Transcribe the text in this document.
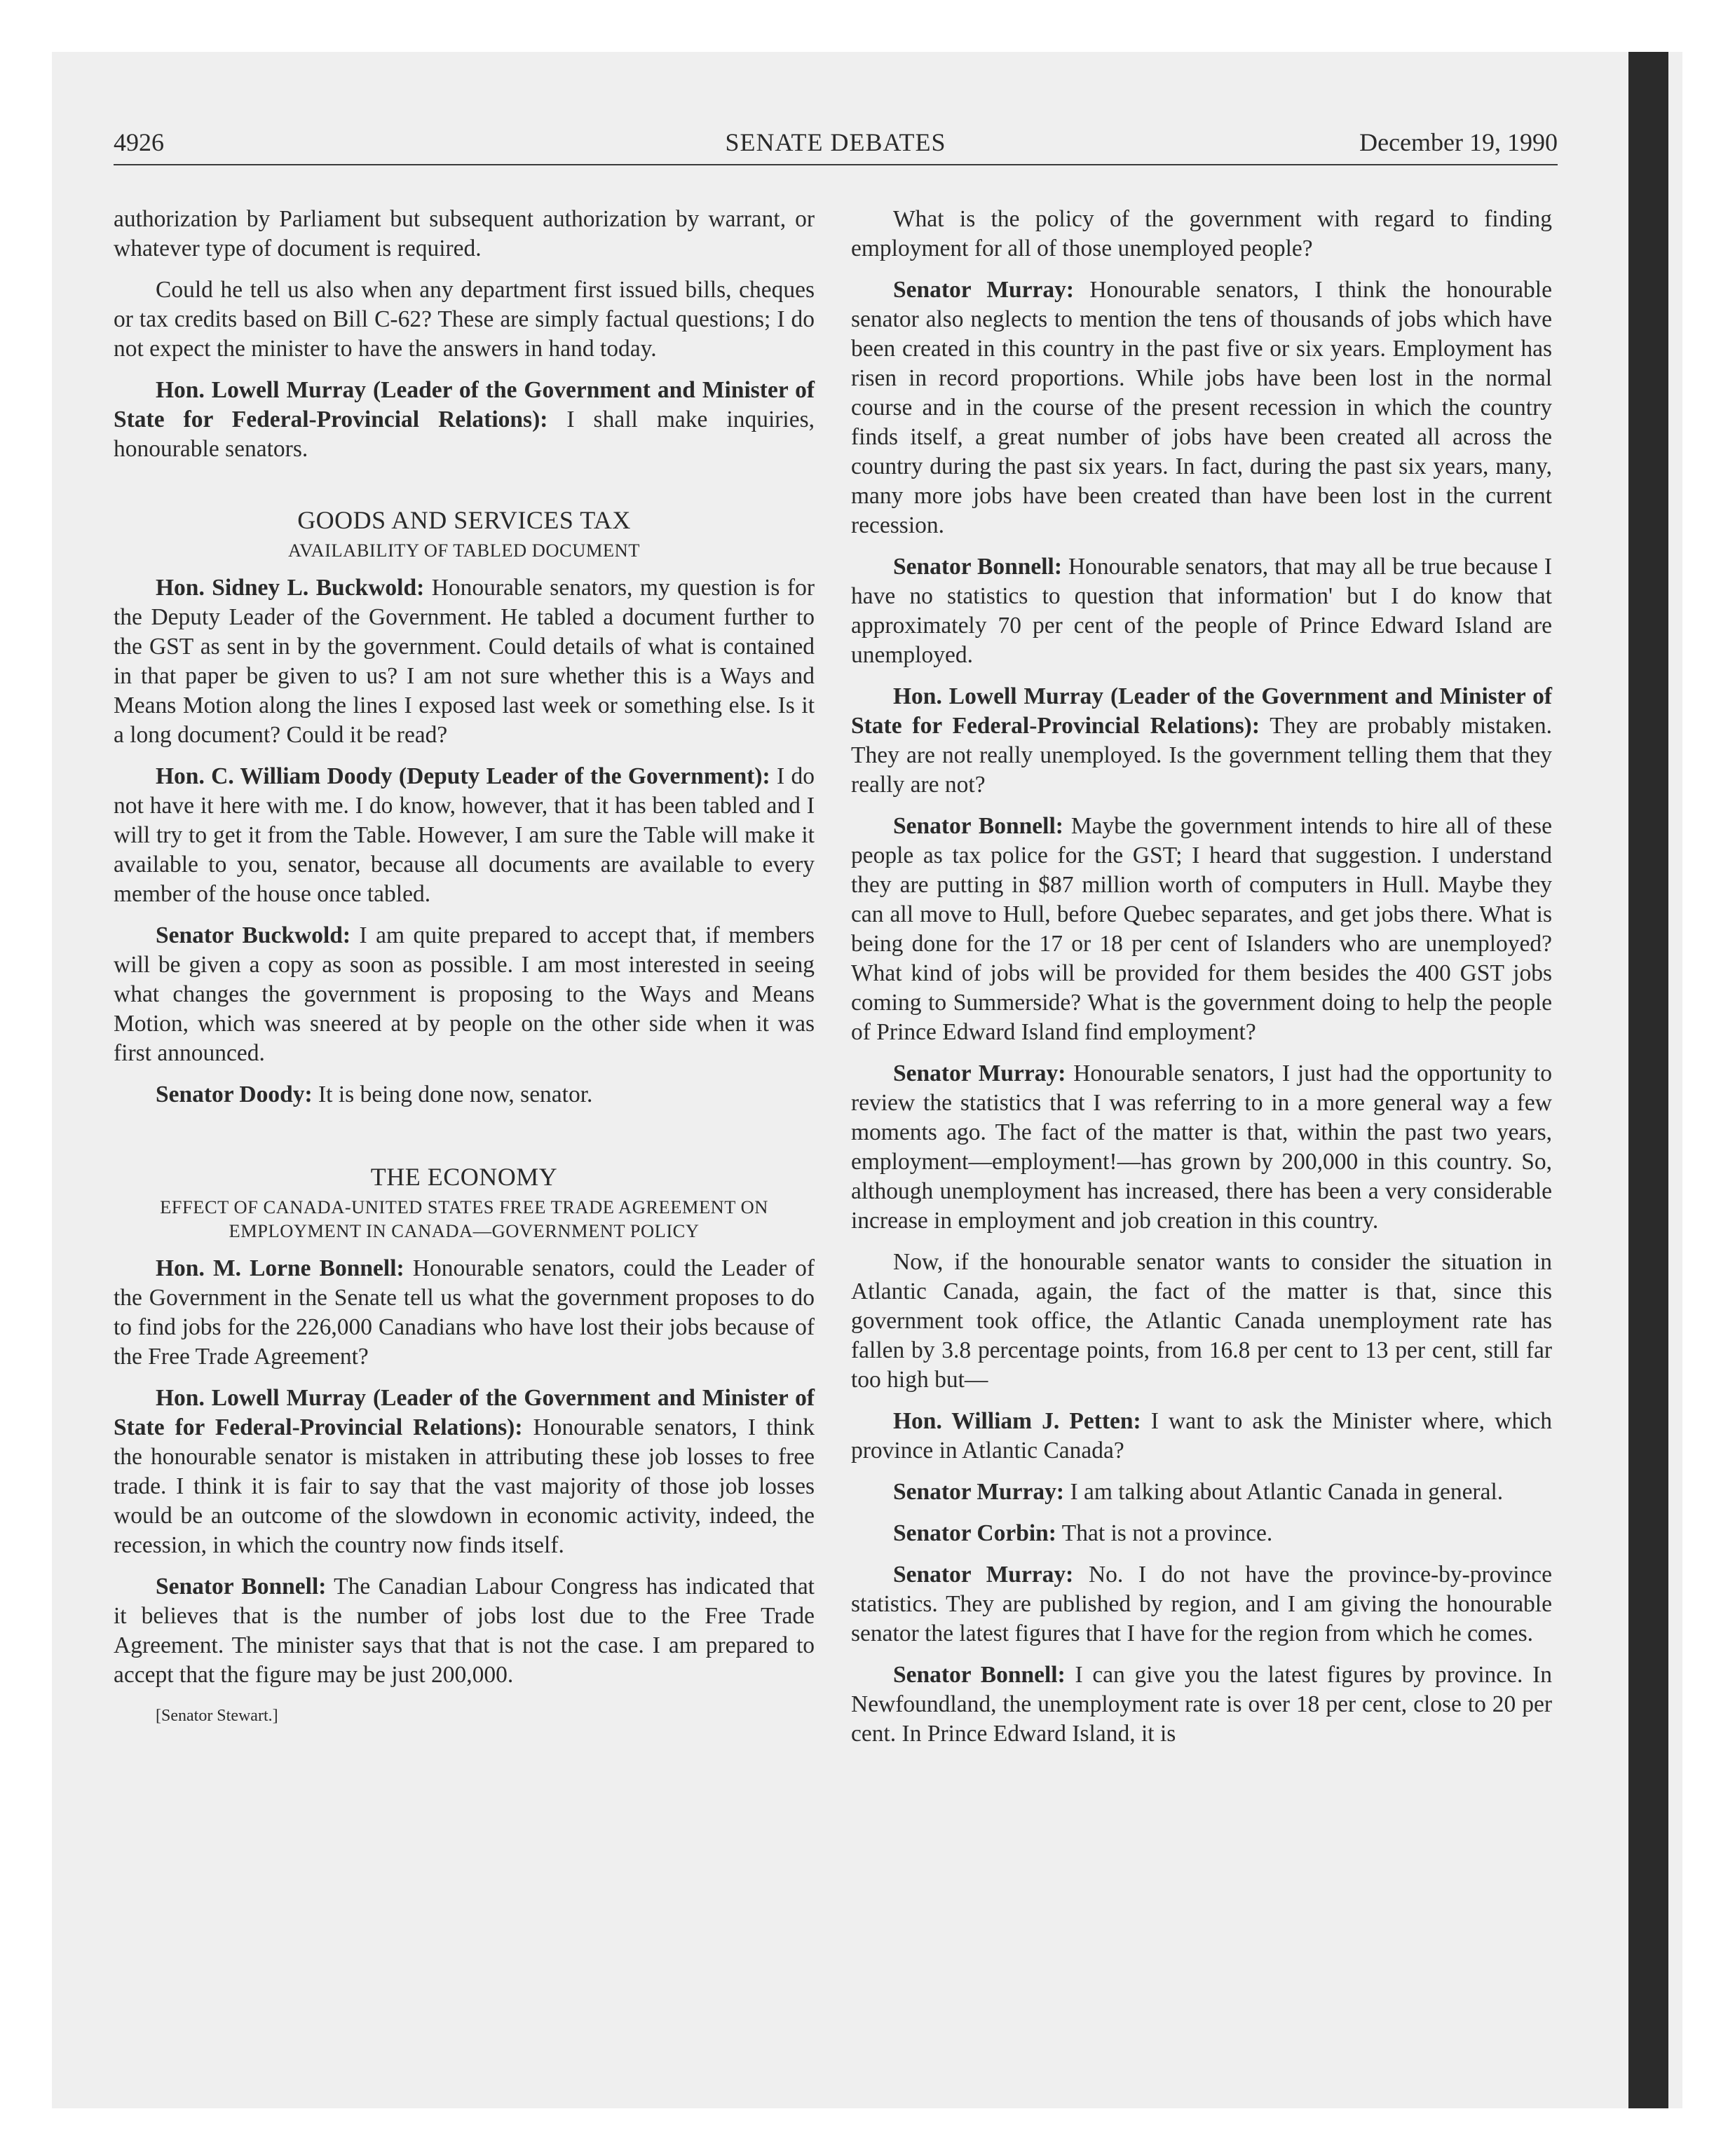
4926	SENATE DEBATES	December 19, 1990

authorization by Parliament but subsequent authorization by warrant, or whatever type of document is required.

Could he tell us also when any department first issued bills, cheques or tax credits based on Bill C-62? These are simply factual questions; I do not expect the minister to have the answers in hand today.

Hon. Lowell Murray (Leader of the Government and Minister of State for Federal-Provincial Relations): I shall make inquiries, honourable senators.

GOODS AND SERVICES TAX
AVAILABILITY OF TABLED DOCUMENT

Hon. Sidney L. Buckwold: Honourable senators, my question is for the Deputy Leader of the Government. He tabled a document further to the GST as sent in by the government. Could details of what is contained in that paper be given to us? I am not sure whether this is a Ways and Means Motion along the lines I exposed last week or something else. Is it a long document? Could it be read?

Hon. C. William Doody (Deputy Leader of the Government): I do not have it here with me. I do know, however, that it has been tabled and I will try to get it from the Table. However, I am sure the Table will make it available to you, senator, because all documents are available to every member of the house once tabled.

Senator Buckwold: I am quite prepared to accept that, if members will be given a copy as soon as possible. I am most interested in seeing what changes the government is proposing to the Ways and Means Motion, which was sneered at by people on the other side when it was first announced.

Senator Doody: It is being done now, senator.

THE ECONOMY
EFFECT OF CANADA-UNITED STATES FREE TRADE AGREEMENT ON EMPLOYMENT IN CANADA—GOVERNMENT POLICY

Hon. M. Lorne Bonnell: Honourable senators, could the Leader of the Government in the Senate tell us what the government proposes to do to find jobs for the 226,000 Canadians who have lost their jobs because of the Free Trade Agreement?

Hon. Lowell Murray (Leader of the Government and Minister of State for Federal-Provincial Relations): Honourable senators, I think the honourable senator is mistaken in attributing these job losses to free trade. I think it is fair to say that the vast majority of those job losses would be an outcome of the slowdown in economic activity, indeed, the recession, in which the country now finds itself.

Senator Bonnell: The Canadian Labour Congress has indicated that it believes that is the number of jobs lost due to the Free Trade Agreement. The minister says that that is not the case. I am prepared to accept that the figure may be just 200,000.

[Senator Stewart.]

What is the policy of the government with regard to finding employment for all of those unemployed people?

Senator Murray: Honourable senators, I think the honourable senator also neglects to mention the tens of thousands of jobs which have been created in this country in the past five or six years. Employment has risen in record proportions. While jobs have been lost in the normal course and in the course of the present recession in which the country finds itself, a great number of jobs have been created all across the country during the past six years. In fact, during the past six years, many, many more jobs have been created than have been lost in the current recession.

Senator Bonnell: Honourable senators, that may all be true because I have no statistics to question that information' but I do know that approximately 70 per cent of the people of Prince Edward Island are unemployed.

Hon. Lowell Murray (Leader of the Government and Minister of State for Federal-Provincial Relations): They are probably mistaken. They are not really unemployed. Is the government telling them that they really are not?

Senator Bonnell: Maybe the government intends to hire all of these people as tax police for the GST; I heard that suggestion. I understand they are putting in $87 million worth of computers in Hull. Maybe they can all move to Hull, before Quebec separates, and get jobs there. What is being done for the 17 or 18 per cent of Islanders who are unemployed? What kind of jobs will be provided for them besides the 400 GST jobs coming to Summerside? What is the government doing to help the people of Prince Edward Island find employment?

Senator Murray: Honourable senators, I just had the opportunity to review the statistics that I was referring to in a more general way a few moments ago. The fact of the matter is that, within the past two years, employment—employment!—has grown by 200,000 in this country. So, although unemployment has increased, there has been a very considerable increase in employment and job creation in this country.

Now, if the honourable senator wants to consider the situation in Atlantic Canada, again, the fact of the matter is that, since this government took office, the Atlantic Canada unemployment rate has fallen by 3.8 percentage points, from 16.8 per cent to 13 per cent, still far too high but—

Hon. William J. Petten: I want to ask the Minister where, which province in Atlantic Canada?

Senator Murray: I am talking about Atlantic Canada in general.

Senator Corbin: That is not a province.

Senator Murray: No. I do not have the province-by-province statistics. They are published by region, and I am giving the honourable senator the latest figures that I have for the region from which he comes.

Senator Bonnell: I can give you the latest figures by province. In Newfoundland, the unemployment rate is over 18 per cent, close to 20 per cent. In Prince Edward Island, it is
